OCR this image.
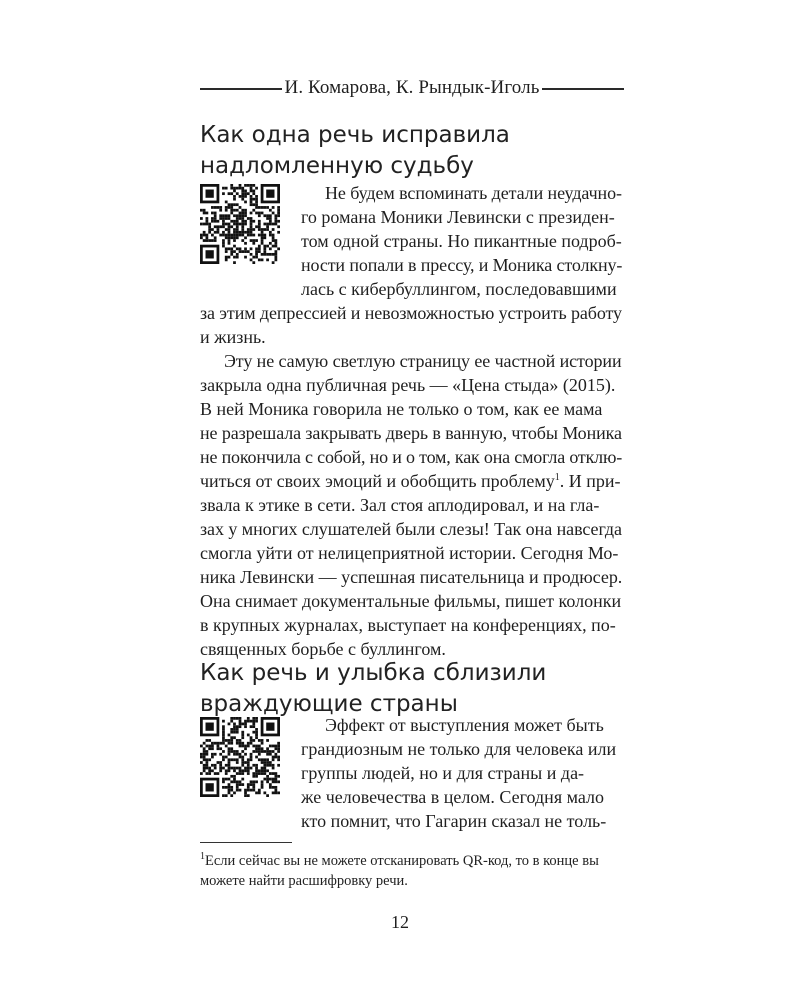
И. Комарова, К. Рындык-Иголь
Как одна речь исправила
надломленную судьбу
Не будем вспоминать детали неудачно-
го романа Моники Левински с президен-
том одной страны. Но пикантные подроб-
ности попали в прессу, и Моника столкну-
лась с кибербуллингом, последовавшими
за этим депрессией и невозможностью устроить работу
и жизнь.
Эту не самую светлую страницу ее частной истории
закрыла одна публичная речь — «Цена стыда» (2015).
В ней Моника говорила не только о том, как ее мама
не разрешала закрывать дверь в ванную, чтобы Моника
не покончила с собой, но и о том, как она смогла отклю-
читься от своих эмоций и обобщить проблему$^1$. И при-
звала к этике в сети. Зал стоя аплодировал, и на гла-
зах у многих слушателей были слезы! Так она навсегда
смогла уйти от нелицеприятной истории. Сегодня Мо-
ника Левински — успешная писательница и продюсер.
Она снимает документальные фильмы, пишет колонки
в крупных журналах, выступает на конференциях, по-
священных борьбе с буллингом.
Как речь и улыбка сблизили
враждующие страны
Эффект от выступления может быть
грандиозным не только для человека или
группы людей, но и для страны и да-
же человечества в целом. Сегодня мало
кто помнит, что Гагарин сказал не толь-
$^1$Если сейчас вы не можете отсканировать QR-код, то в конце вы
можете найти расшифровку речи.
12
